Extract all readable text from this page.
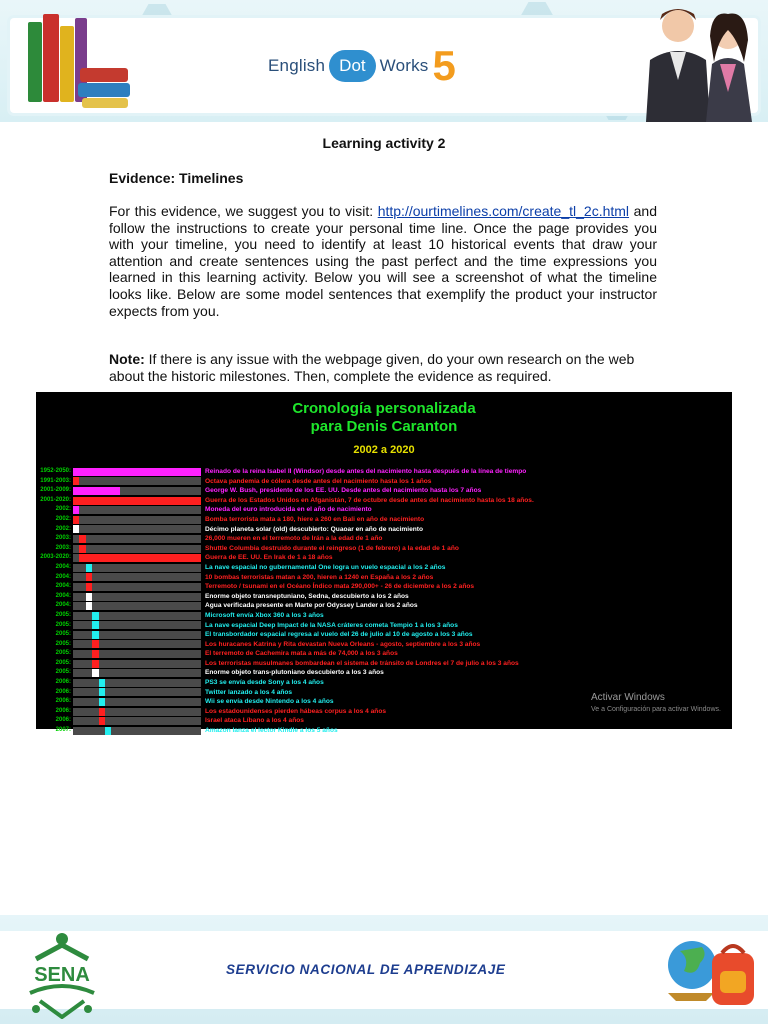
English Dot Works 5
Learning activity 2
Evidence: Timelines

For this evidence, we suggest you to visit: http://ourtimelines.com/create_tl_2c.html and follow the instructions to create your personal time line. Once the page provides you with your timeline, you need to identify at least 10 historical events that draw your attention and create sentences using the past perfect and the time expressions you learned in this learning activity. Below you will see a screenshot of what the timeline looks like. Below are some model sentences that exemplify the product your instructor expects from you.

Note: If there is any issue with the webpage given, do your own research on the web about the historic milestones. Then, complete the evidence as required.

Cronología personalizada
para Denis Caranton
2002 a 2020
1952-2050:	Reinado de la reina Isabel II (Windsor) desde antes del nacimiento hasta después de la línea de tiempo
1991-2003:	Octava pandemia de cólera desde antes del nacimiento hasta los 1 años
2001-2009:	George W. Bush, presidente de los EE. UU. Desde antes del nacimiento hasta los 7 años
2001-2020:	Guerra de los Estados Unidos en Afganistán, 7 de octubre desde antes del nacimiento hasta los 18 años.
2002:	Moneda del euro introducida en el año de nacimiento
2002:	Bomba terrorista mata a 180, hiere a 260 en Bali en año de nacimiento
2002:	Décimo planeta solar (old) descubierto: Quaoar en año de nacimiento
2003:	26,000 mueren en el terremoto de Irán a la edad de 1 año
2003:	Shuttle Columbia destruido durante el reingreso (1 de febrero) a la edad de 1 año
2003-2020:	Guerra de EE. UU. En Irak de 1 a 18 años
2004:	La nave espacial no gubernamental One logra un vuelo espacial a los 2 años
2004:	10 bombas terroristas matan a 200, hieren a 1240 en España a los 2 años
2004:	Terremoto / tsunami en el Océano Índico mata 290,000+ - 26 de diciembre a los 2 años
2004:	Enorme objeto transneptuniano, Sedna, descubierto a los 2 años
2004:	Agua verificada presente en Marte por Odyssey Lander a los 2 años
2005:	Microsoft envía Xbox 360 a los 3 años
2005:	La nave espacial Deep Impact de la NASA cráteres cometa Tempio 1 a los 3 años
2005:	El transbordador espacial regresa al vuelo del 26 de julio al 10 de agosto a los 3 años
2005:	Los huracanes Katrina y Rita devastan Nueva Orleans - agosto, septiembre a los 3 años
2005:	El terremoto de Cachemira mata a más de 74,000 a los 3 años
2005:	Los terroristas musulmanes bombardean el sistema de tránsito de Londres el 7 de julio a los 3 años
2005:	Enorme objeto trans-plutoniano descubierto a los 3 años
2006:	PS3 se envía desde Sony a los 4 años
2006:	Twitter lanzado a los 4 años
2006:	Wii se envía desde Nintendo a los 4 años
2006:	Los estadounidenses pierden hábeas corpus a los 4 años
2006:	Israel ataca Líbano a los 4 años
2007:	Amazon lanza el lector Kindle a los 5 años
Activar Windows
Ve a Configuración para activar Windows.
SENA	SERVICIO NACIONAL DE APRENDIZAJE
